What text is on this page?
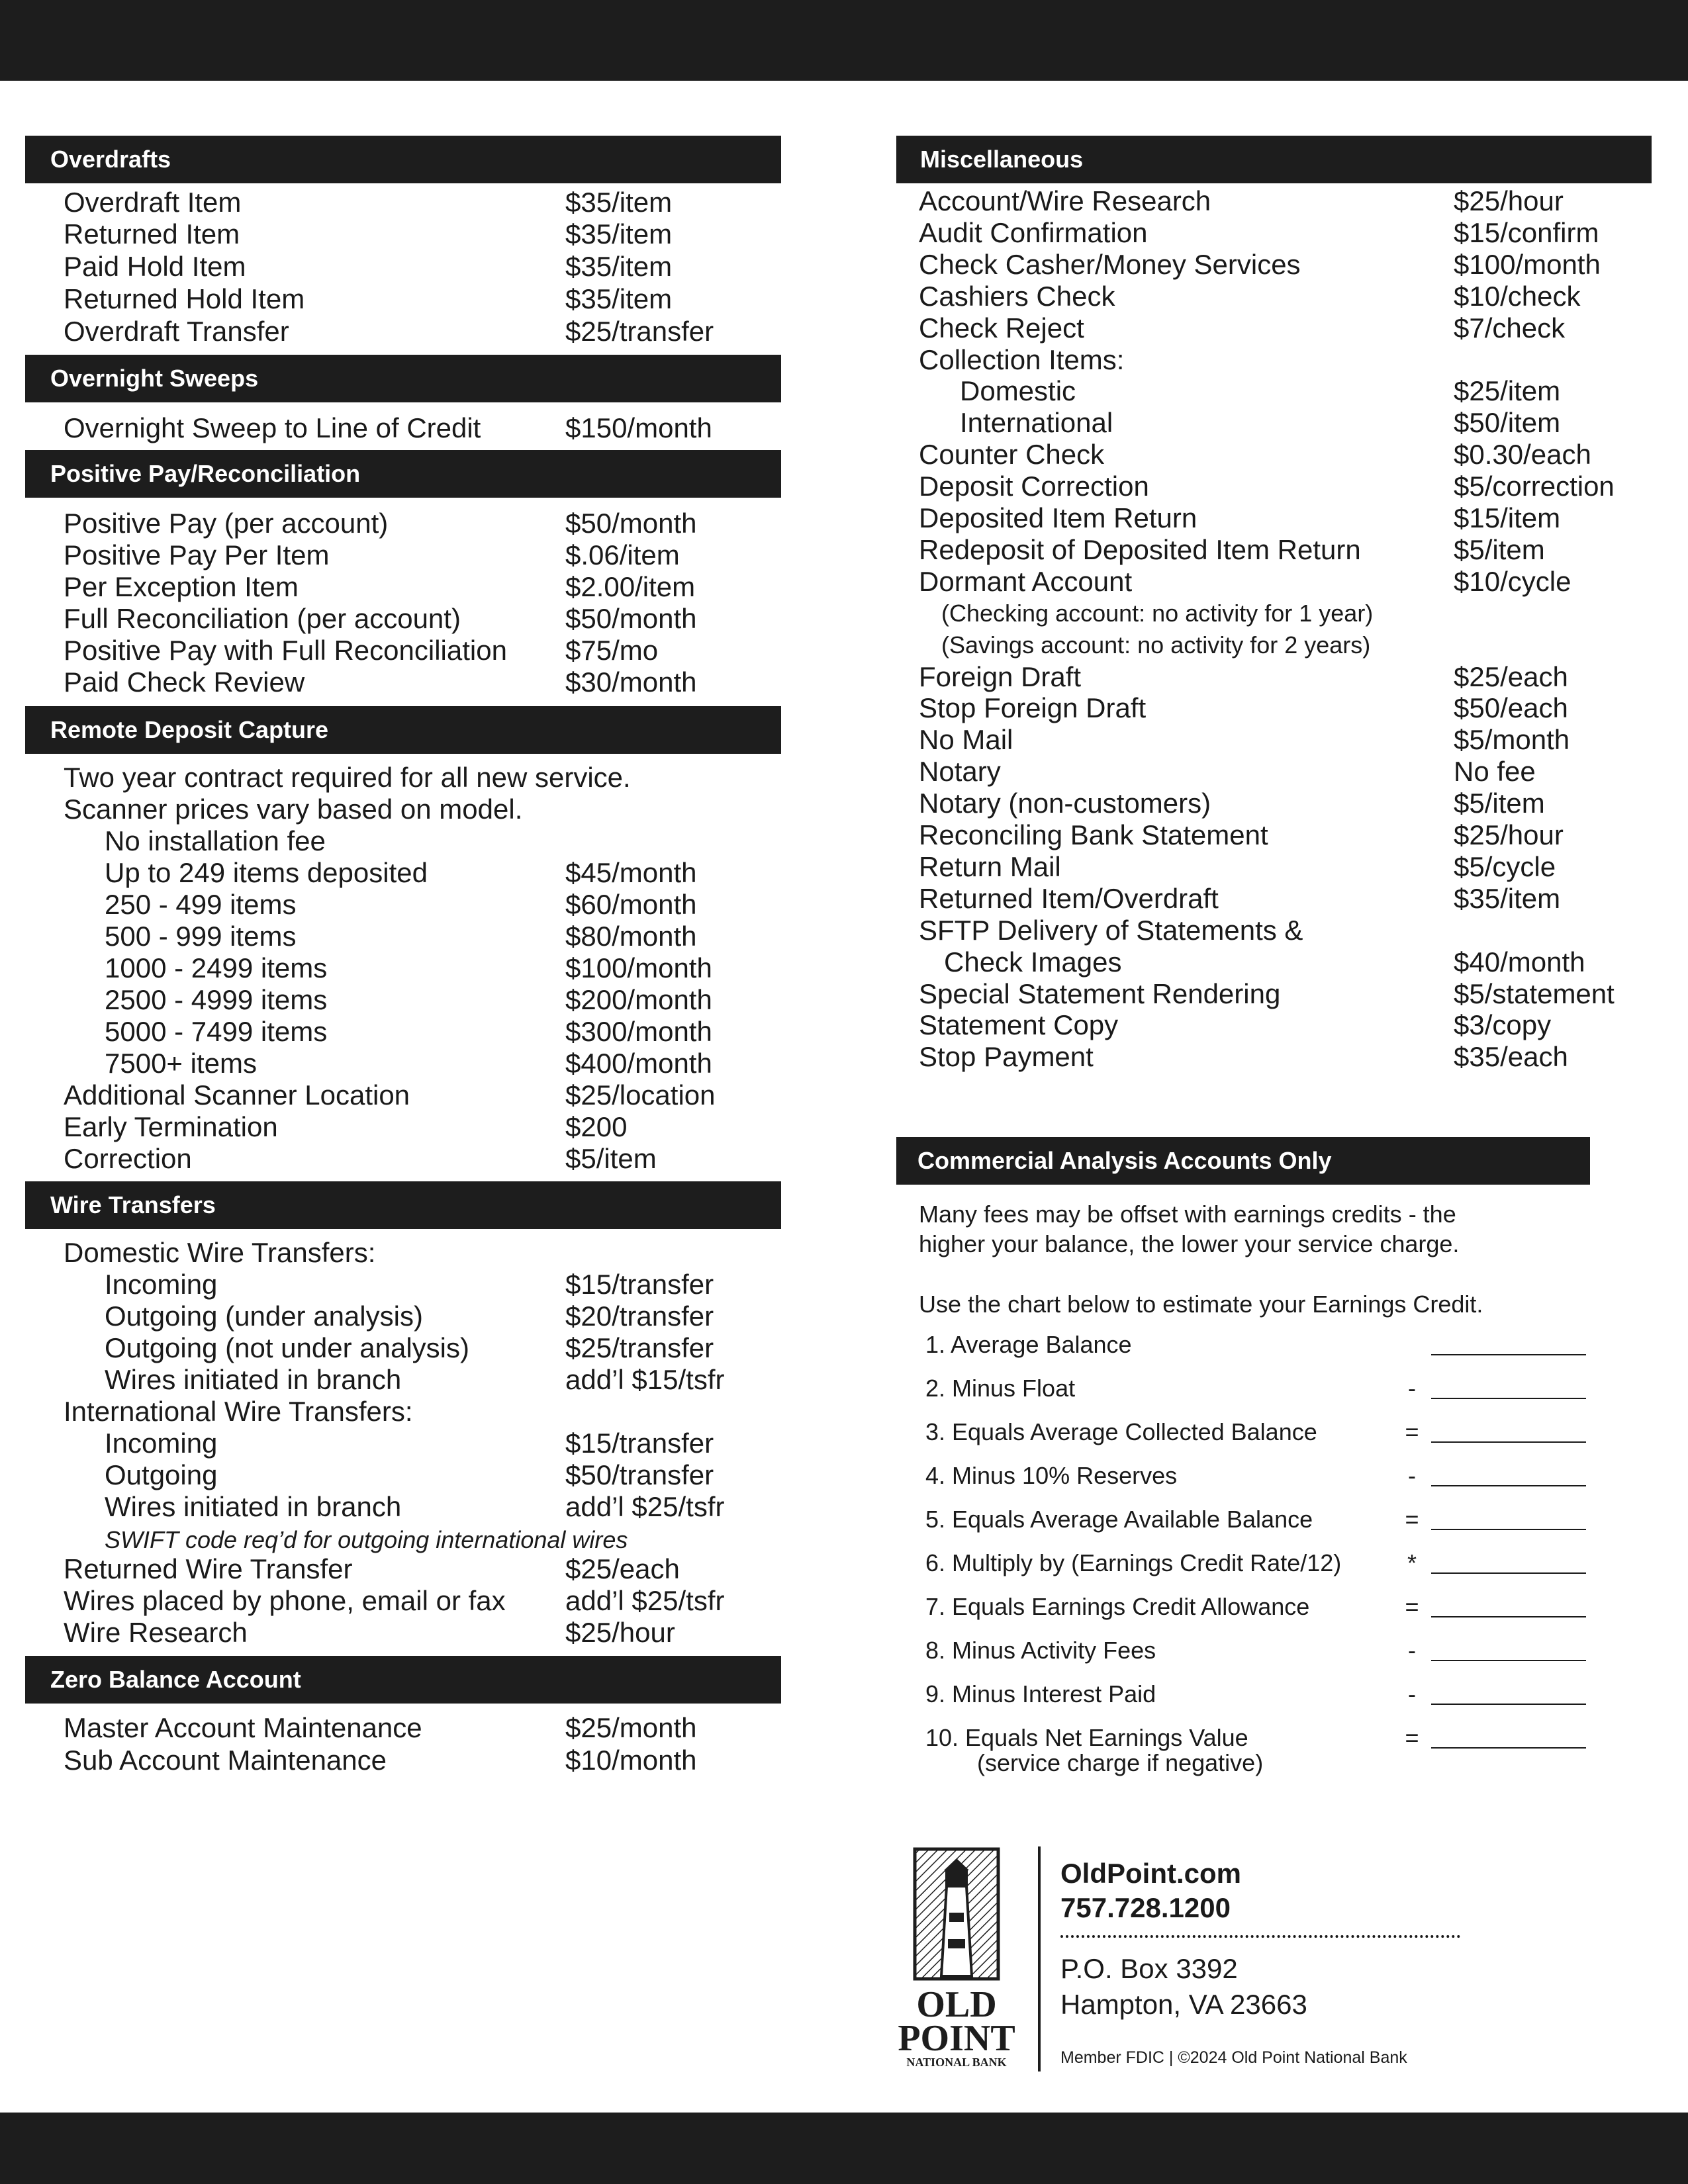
Overdrafts
Overdraft Item	$35/item
Returned Item	$35/item
Paid Hold Item	$35/item
Returned Hold Item	$35/item
Overdraft Transfer	$25/transfer
Overnight Sweeps
Overnight Sweep to Line of Credit	$150/month
Positive Pay/Reconciliation
Positive Pay (per account)	$50/month
Positive Pay Per Item	$.06/item
Per Exception Item	$2.00/item
Full Reconciliation (per account)	$50/month
Positive Pay with Full Reconciliation $75/mo
Paid Check Review	$30/month
Remote Deposit Capture
Two year contract required for all new service.
Scanner prices vary based on model.
No installation fee
Up to 249 items deposited	$45/month
250 - 499 items	$60/month
500 - 999 items	$80/month
1000 - 2499 items	$100/month
2500 - 4999 items	$200/month
5000 - 7499 items	$300/month
7500+ items	$400/month
Additional Scanner Location	$25/location
Early Termination	$200
Correction	$5/item
Wire Transfers
Domestic Wire Transfers:
Incoming	$15/transfer
Outgoing (under analysis)	$20/transfer
Outgoing (not under analysis)	$25/transfer
Wires initiated in branch	add’l $15/tsfr
International Wire Transfers:
Incoming	$15/transfer
Outgoing	$50/transfer
Wires initiated in branch	add’l $25/tsfr
SWIFT code req’d for outgoing international wires
Returned Wire Transfer	$25/each
Wires placed by phone, email or fax add’l $25/tsfr
Wire Research	$25/hour
Zero Balance Account
Master Account Maintenance	$25/month
Sub Account Maintenance	$10/month
Miscellaneous
Account/Wire Research	$25/hour
Audit Confirmation	$15/confirm
Check Casher/Money Services	$100/month
Cashiers Check	$10/check
Check Reject	$7/check
Collection Items:
Domestic	$25/item
International	$50/item
Counter Check	$0.30/each
Deposit Correction	$5/correction
Deposited Item Return	$15/item
Redeposit of Deposited Item Return	$5/item
Dormant Account	$10/cycle
(Checking account: no activity for 1 year)
(Savings account: no activity for 2 years)
Foreign Draft	$25/each
Stop Foreign Draft	$50/each
No Mail	$5/month
Notary	No fee
Notary (non-customers)	$5/item
Reconciling Bank Statement	$25/hour
Return Mail	$5/cycle
Returned Item/Overdraft	$35/item
SFTP Delivery of Statements &
Check Images	$40/month
Special Statement Rendering	$5/statement
Statement Copy	$3/copy
Stop Payment	$35/each
Commercial Analysis Accounts Only
Many fees may be offset with earnings credits - the
higher your balance, the lower your service charge.
Use the chart below to estimate your Earnings Credit.
1. Average Balance
2. Minus Float	-
3. Equals Average Collected Balance	=
4. Minus 10% Reserves	-
5. Equals Average Available Balance	=
6. Multiply by (Earnings Credit Rate/12)	*
7. Equals Earnings Credit Allowance	=
8. Minus Activity Fees	-
9. Minus Interest Paid	-
10. Equals Net Earnings Value	=
(service charge if negative)
OLD
POINT
NATIONAL BANK
OldPoint.com
757.728.1200
P.O. Box 3392
Hampton, VA 23663
Member FDIC | ©2024 Old Point National Bank
